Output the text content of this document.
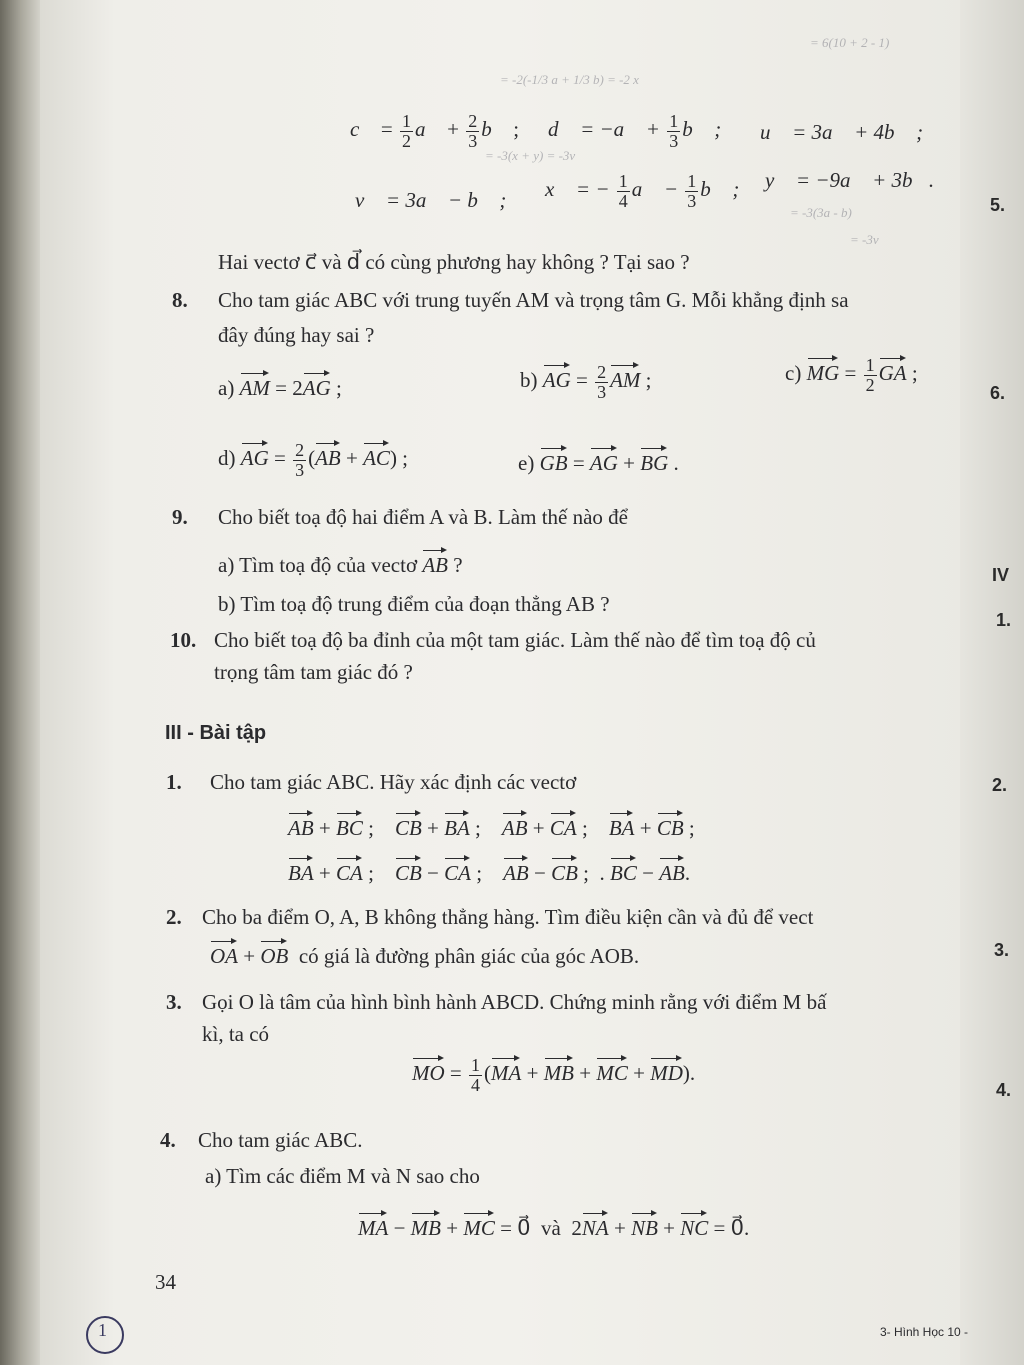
= 6(10 + 2 - 1)
= -2(-1/3 a + 1/3 b) = -2 x
= -3(x + y) = -3v
= -3(3a - b)
= -3v
c⃗ = $\frac{1}{2}$ a⃗ + $\frac{2}{3}$ b⃗ ; d⃗ = −a⃗ + $\frac{1}{3}$ b⃗ ; u⃗ = 3a⃗ + 4b⃗ ;
v⃗ = 3a⃗ − b⃗ ; x⃗ = − $\frac{1}{4}$ a⃗ − $\frac{1}{3}$ b⃗ ; y⃗ = −9a⃗ + 3b⃗.
Hai vectơ c⃗ và d⃗ có cùng phương hay không ? Tại sao ?
8. Cho tam giác ABC với trung tuyến AM và trọng tâm G. Mỗi khẳng định sa
đây đúng hay sai ?
a) AM = 2AG ;	b) AG = $\frac{2}{3}$ AM ;	c) MG = $\frac{1}{2}$ GA ;
d) AG = $\frac{2}{3} (AB + AC)$ ;	e) GB = AG + BG .
9. Cho biết toạ độ hai điểm A và B. Làm thế nào để
a) Tìm toạ độ của vectơ AB ?
b) Tìm toạ độ trung điểm của đoạn thẳng AB ?
10. Cho biết toạ độ ba đỉnh của một tam giác. Làm thế nào để tìm toạ độ củ
trọng tâm tam giác đó ?
III - Bài tập
1. Cho tam giác ABC. Hãy xác định các vectơ
AB + BC ;    CB + BA ;    AB + CA ;    BA + CB ;
BA + CA ;    CB − CA ;    AB − CB ;  . BC − AB.
2. Cho ba điểm O, A, B không thẳng hàng. Tìm điều kiện cần và đủ để vect
OA + OB có giá là đường phân giác của góc AOB.
3. Gọi O là tâm của hình bình hành ABCD. Chứng minh rằng với điểm M bấ
kì, ta có
MO = $\frac{1}{4} (MA$ + MB + MC + MD).
4. Cho tam giác ABC.
a) Tìm các điểm M và N sao cho
MA − MB + MC = 0⃗  và  2NA + NB + NC = 0⃗.
34
3- Hình Học 10 -
1
5.
6.
IV
1.
2.
3.
4.
